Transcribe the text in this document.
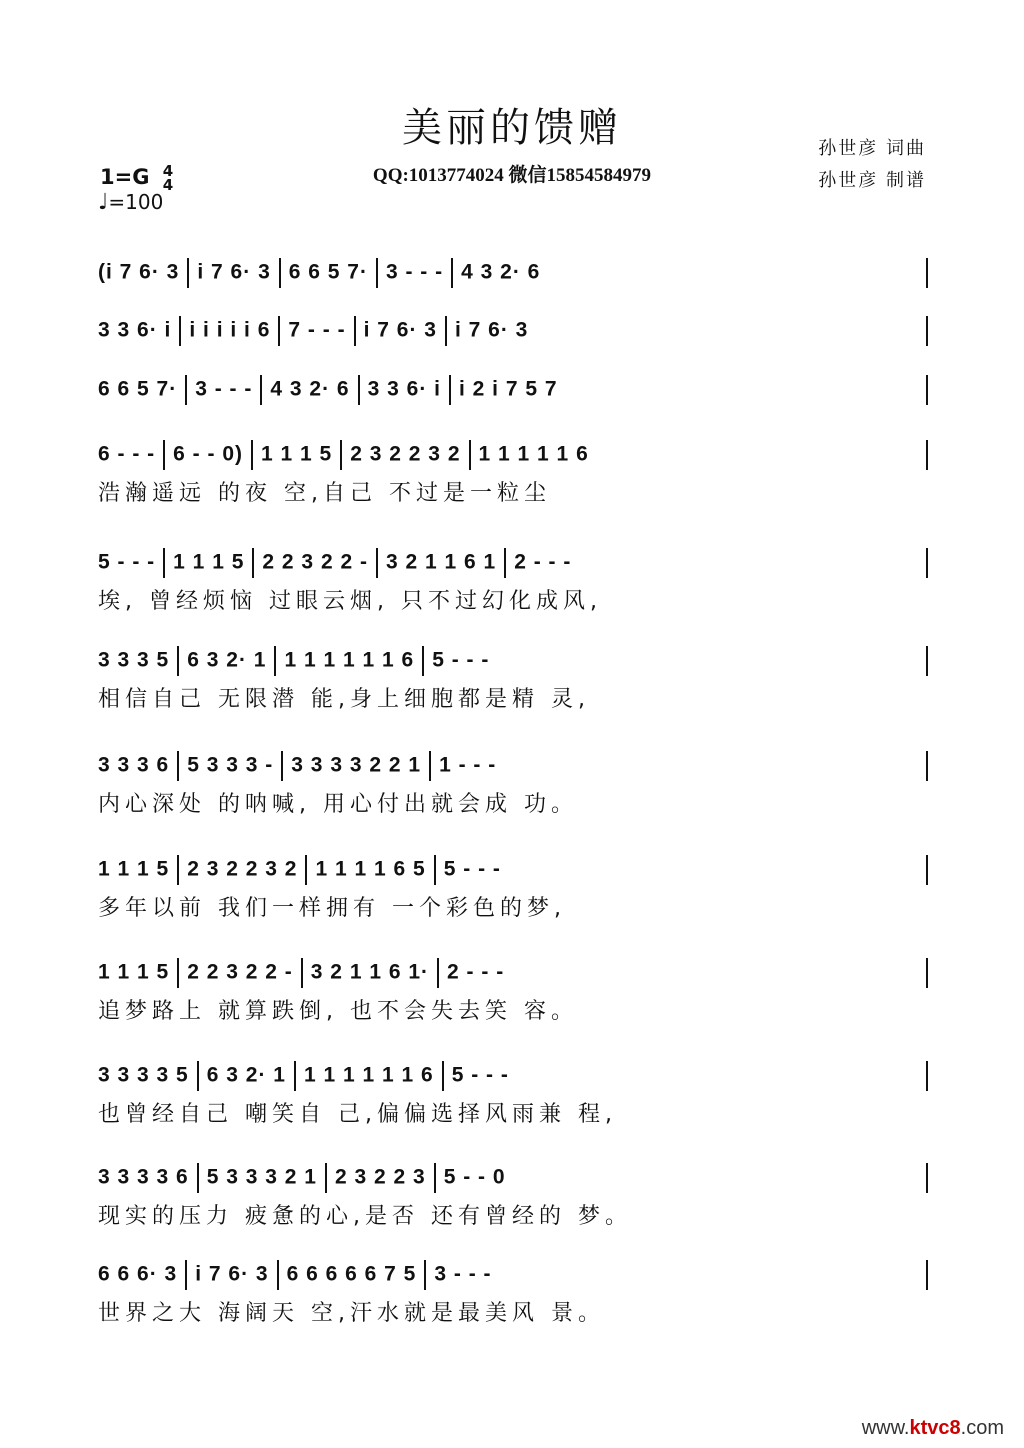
美丽的馈赠
QQ:1013774024 微信15854584979
孙世彦 词曲
孙世彦 制谱
1=G 4
4
♩=100
(i 7 6· 3 i 7 6· 3 6 6 5 7· 3 - - - 4 3 2· 6
3 3 6· i i i i i i 6 7 - - - i 7 6· 3 i 7 6· 3
6 6 5 7· 3 - - - 4 3 2· 6 3 3 6· i i 2 i 7 5 7
6 - - - 6 - - 0) 1 1 1 5 2 3 2 2 3 2 1 1 1 1 1 6
浩瀚遥远 的夜 空,自己 不过是一粒尘
5 - - - 1 1 1 5 2 2 3 2 2 - 3 2 1 1 6 1 2 - - -
埃, 曾经烦恼 过眼云烟, 只不过幻化成风,
3 3 3 5 6 3 2· 1 1 1 1 1 1 1 6 5 - - -
相信自己 无限潜 能,身上细胞都是精 灵,
3 3 3 6 5 3 3 3 - 3 3 3 3 2 2 1 1 - - -
内心深处 的呐喊, 用心付出就会成 功。
1 1 1 5 2 3 2 2 3 2 1 1 1 1 6 5 5 - - -
多年以前 我们一样拥有 一个彩色的梦,
1 1 1 5 2 2 3 2 2 - 3 2 1 1 6 1· 2 - - -
追梦路上 就算跌倒, 也不会失去笑 容。
3 3 3 3 5 6 3 2· 1 1 1 1 1 1 1 6 5 - - -
也曾经自己 嘲笑自 己,偏偏选择风雨兼 程,
3 3 3 3 6 5 3 3 3 2 1 2 3 2 2 3 5 - - 0
现实的压力 疲惫的心,是否 还有曾经的 梦。
6 6 6· 3 i 7 6· 3 6 6 6 6 6 7 5 3 - - -
世界之大 海阔天 空,汗水就是最美风 景。
www.ktvc8.com
